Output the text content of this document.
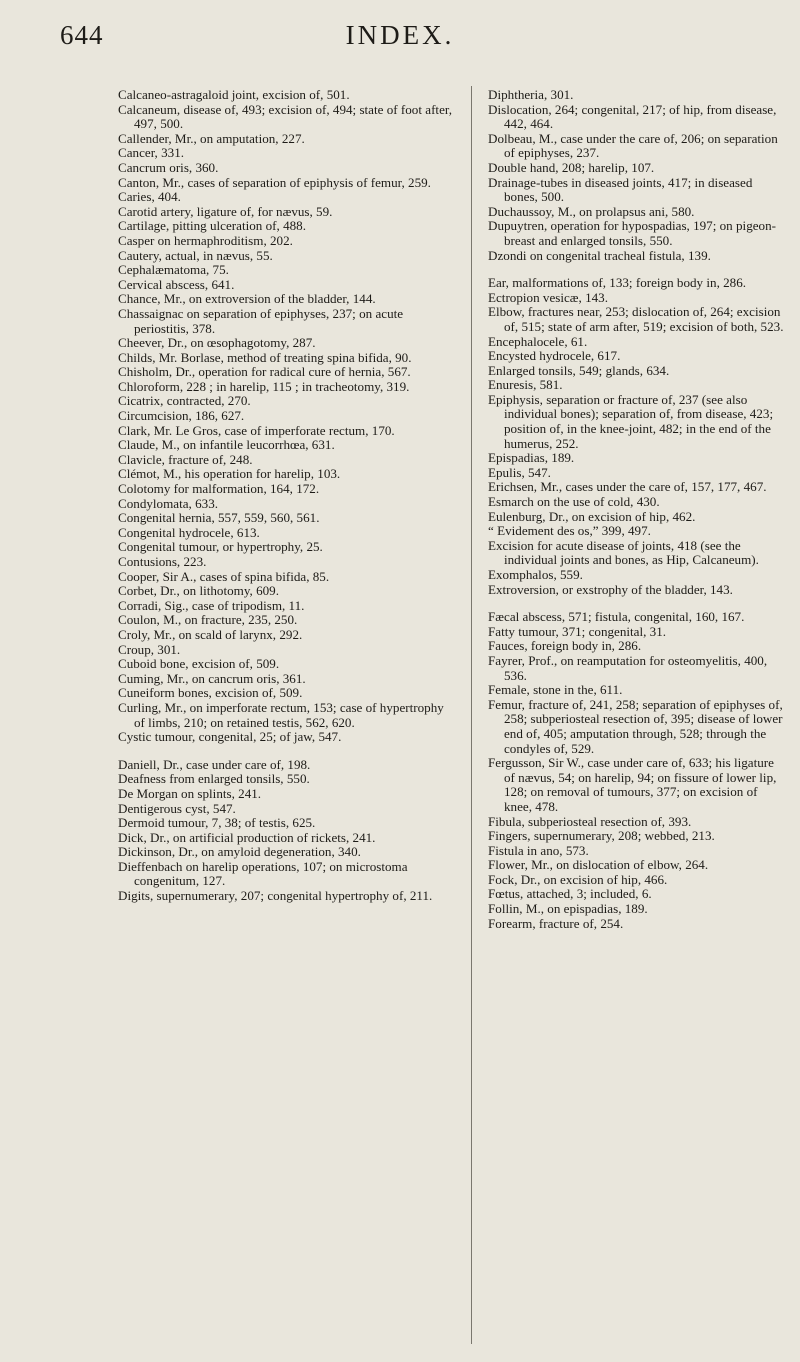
644	INDEX.

Calcaneo-astragaloid joint, excision of, 501.

Calcaneum, disease of, 493; excision of, 494; state of foot after, 497, 500.

Callender, Mr., on amputation, 227.

Cancer, 331.

Cancrum oris, 360.

Canton, Mr., cases of separation of epiphysis of femur, 259.

Caries, 404.

Carotid artery, ligature of, for nævus, 59.

Cartilage, pitting ulceration of, 488.

Casper on hermaphroditism, 202.

Cautery, actual, in nævus, 55.

Cephalæmatoma, 75.

Cervical abscess, 641.

Chance, Mr., on extroversion of the bladder, 144.

Chassaignac on separation of epiphyses, 237; on acute periostitis, 378.

Cheever, Dr., on œsophagotomy, 287.

Childs, Mr. Borlase, method of treating spina bifida, 90.

Chisholm, Dr., operation for radical cure of hernia, 567.

Chloroform, 228 ; in harelip, 115 ; in tracheotomy, 319.

Cicatrix, contracted, 270.

Circumcision, 186, 627.

Clark, Mr. Le Gros, case of imperforate rectum, 170.

Claude, M., on infantile leucorrhœa, 631.

Clavicle, fracture of, 248.

Clémot, M., his operation for harelip, 103.

Colotomy for malformation, 164, 172.

Condylomata, 633.

Congenital hernia, 557, 559, 560, 561.

Congenital hydrocele, 613.

Congenital tumour, or hypertrophy, 25.

Contusions, 223.

Cooper, Sir A., cases of spina bifida, 85.

Corbet, Dr., on lithotomy, 609.

Corradi, Sig., case of tripodism, 11.

Coulon, M., on fracture, 235, 250.

Croly, Mr., on scald of larynx, 292.

Croup, 301.

Cuboid bone, excision of, 509.

Cuming, Mr., on cancrum oris, 361.

Cuneiform bones, excision of, 509.

Curling, Mr., on imperforate rectum, 153; case of hypertrophy of limbs, 210; on retained testis, 562, 620.

Cystic tumour, congenital, 25; of jaw, 547.

Daniell, Dr., case under care of, 198.

Deafness from enlarged tonsils, 550.

De Morgan on splints, 241.

Dentigerous cyst, 547.

Dermoid tumour, 7, 38; of testis, 625.

Dick, Dr., on artificial production of rickets, 241.

Dickinson, Dr., on amyloid degeneration, 340.

Dieffenbach on harelip operations, 107; on microstoma congenitum, 127.

Digits, supernumerary, 207; congenital hypertrophy of, 211.

Diphtheria, 301.

Dislocation, 264; congenital, 217; of hip, from disease, 442, 464.

Dolbeau, M., case under the care of, 206; on separation of epiphyses, 237.

Double hand, 208; harelip, 107.

Drainage-tubes in diseased joints, 417; in diseased bones, 500.

Duchaussoy, M., on prolapsus ani, 580.

Dupuytren, operation for hypospadias, 197; on pigeon-breast and enlarged tonsils, 550.

Dzondi on congenital tracheal fistula, 139.

Ear, malformations of, 133; foreign body in, 286.

Ectropion vesicæ, 143.

Elbow, fractures near, 253; dislocation of, 264; excision of, 515; state of arm after, 519; excision of both, 523.

Encephalocele, 61.

Encysted hydrocele, 617.

Enlarged tonsils, 549; glands, 634.

Enuresis, 581.

Epiphysis, separation or fracture of, 237 (see also individual bones); separation of, from disease, 423; position of, in the knee-joint, 482; in the end of the humerus, 252.

Epispadias, 189.

Epulis, 547.

Erichsen, Mr., cases under the care of, 157, 177, 467.

Esmarch on the use of cold, 430.

Eulenburg, Dr., on excision of hip, 462.

“ Evidement des os,” 399, 497.

Excision for acute disease of joints, 418 (see the individual joints and bones, as Hip, Calcaneum).

Exomphalos, 559.

Extroversion, or exstrophy of the bladder, 143.

Fæcal abscess, 571; fistula, congenital, 160, 167.

Fatty tumour, 371; congenital, 31.

Fauces, foreign body in, 286.

Fayrer, Prof., on reamputation for osteomyelitis, 400, 536.

Female, stone in the, 611.

Femur, fracture of, 241, 258; separation of epiphyses of, 258; subperiosteal resection of, 395; disease of lower end of, 405; amputation through, 528; through the condyles of, 529.

Fergusson, Sir W., case under care of, 633; his ligature of nævus, 54; on harelip, 94; on fissure of lower lip, 128; on removal of tumours, 377; on excision of knee, 478.

Fibula, subperiosteal resection of, 393.

Fingers, supernumerary, 208; webbed, 213.

Fistula in ano, 573.

Flower, Mr., on dislocation of elbow, 264.

Fock, Dr., on excision of hip, 466.

Fœtus, attached, 3; included, 6.

Follin, M., on epispadias, 189.

Forearm, fracture of, 254.
